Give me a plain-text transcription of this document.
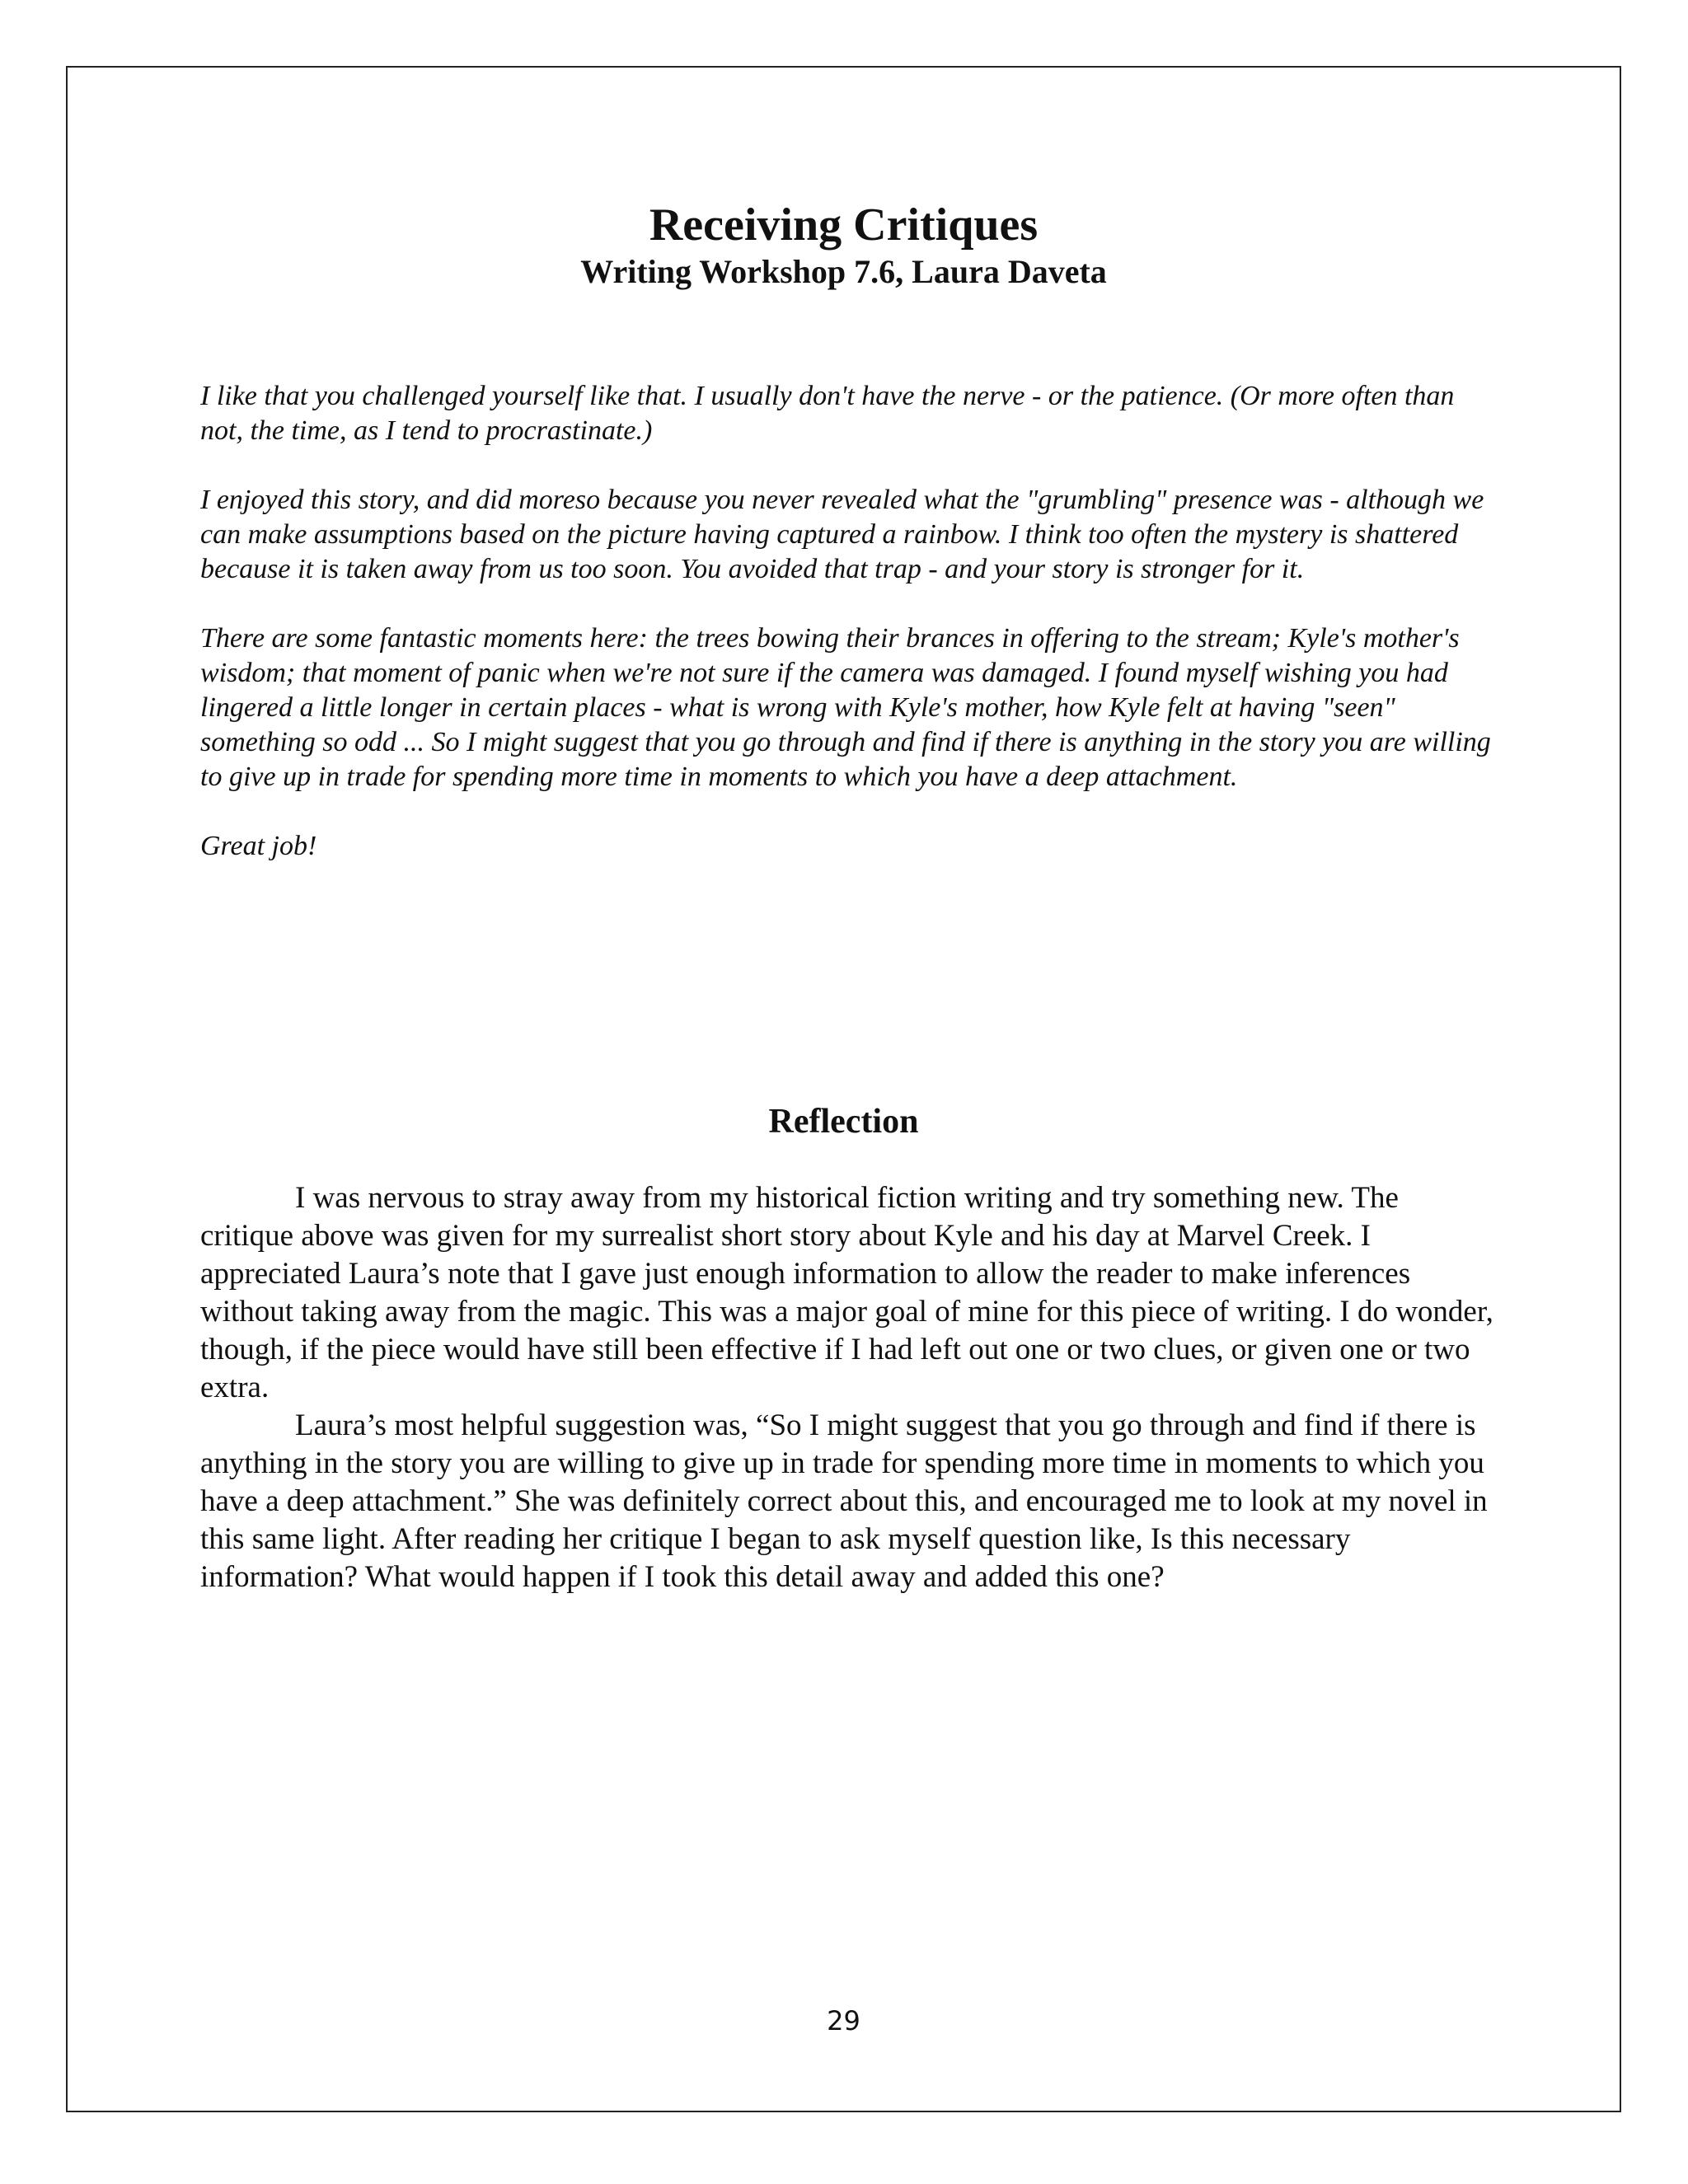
Receiving Critiques
Writing Workshop 7.6, Laura Daveta

I like that you challenged yourself like that. I usually don't have the nerve - or the patience. (Or more often than not, the time, as I tend to procrastinate.)

I enjoyed this story, and did moreso because you never revealed what the "grumbling" presence was - although we can make assumptions based on the picture having captured a rainbow. I think too often the mystery is shattered because it is taken away from us too soon. You avoided that trap - and your story is stronger for it.

There are some fantastic moments here: the trees bowing their brances in offering to the stream; Kyle's mother's wisdom; that moment of panic when we're not sure if the camera was damaged. I found myself wishing you had lingered a little longer in certain places - what is wrong with Kyle's mother, how Kyle felt at having "seen" something so odd ... So I might suggest that you go through and find if there is anything in the story you are willing to give up in trade for spending more time in moments to which you have a deep attachment.

Great job!

Reflection

I was nervous to stray away from my historical fiction writing and try something new. The critique above was given for my surrealist short story about Kyle and his day at Marvel Creek. I appreciated Laura’s note that I gave just enough information to allow the reader to make inferences without taking away from the magic. This was a major goal of mine for this piece of writing. I do wonder, though, if the piece would have still been effective if I had left out one or two clues, or given one or two extra.

Laura’s most helpful suggestion was, “So I might suggest that you go through and find if there is anything in the story you are willing to give up in trade for spending more time in moments to which you have a deep attachment.” She was definitely correct about this, and encouraged me to look at my novel in this same light. After reading her critique I began to ask myself question like, Is this necessary information? What would happen if I took this detail away and added this one?

29
